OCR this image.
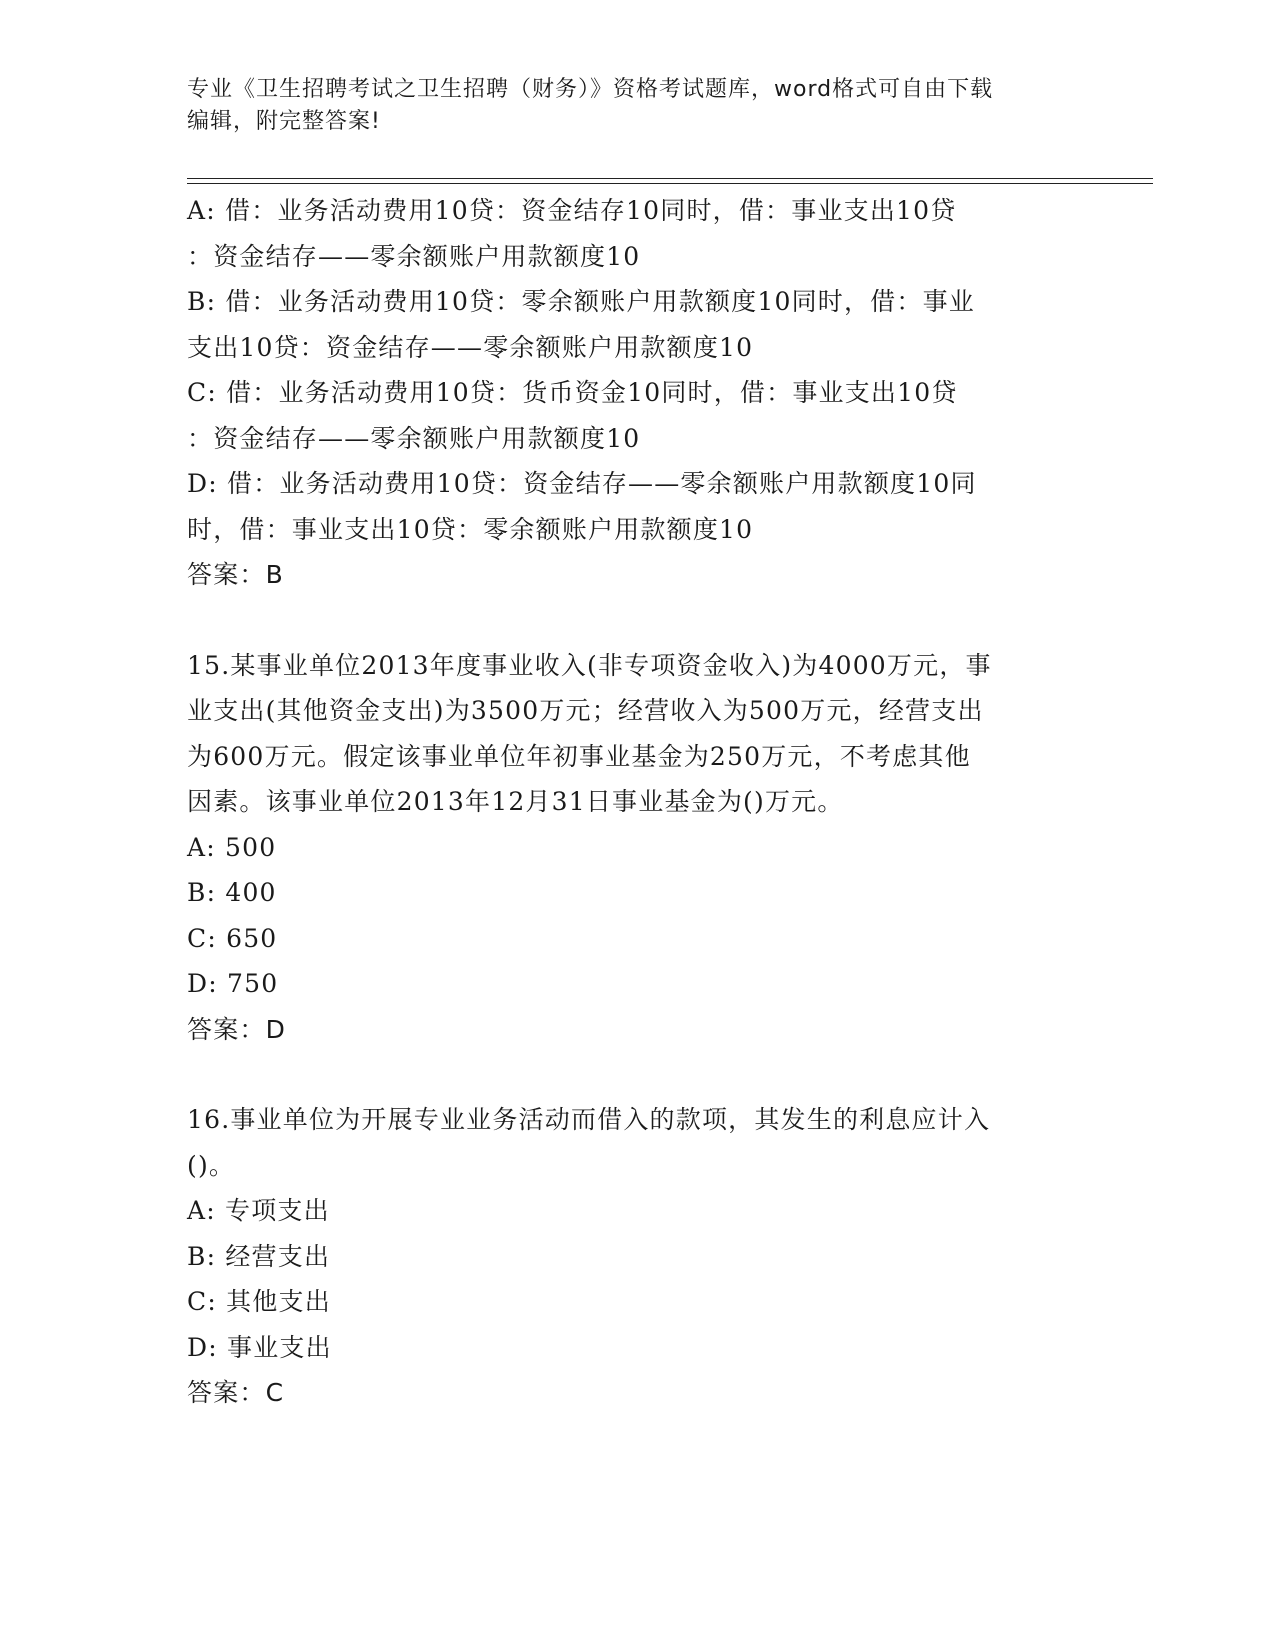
专业《卫生招聘考试之卫生招聘（财务）》资格考试题库，word格式可自由下载
编辑，附完整答案!
A: 借：业务活动费用10贷：资金结存10同时，借：事业支出10贷
：资金结存——零余额账户用款额度10
B: 借：业务活动费用10贷：零余额账户用款额度10同时，借：事业
支出10贷：资金结存——零余额账户用款额度10
C: 借：业务活动费用10贷：货币资金10同时，借：事业支出10贷
：资金结存——零余额账户用款额度10
D: 借：业务活动费用10贷：资金结存——零余额账户用款额度10同
时，借：事业支出10贷：零余额账户用款额度10
答案：B
15.某事业单位2013年度事业收入(非专项资金收入)为4000万元，事
业支出(其他资金支出)为3500万元；经营收入为500万元，经营支出
为600万元。假定该事业单位年初事业基金为250万元，不考虑其他
因素。该事业单位2013年12月31日事业基金为()万元。
A: 500
B: 400
C: 650
D: 750
答案：D
16.事业单位为开展专业业务活动而借入的款项，其发生的利息应计入
()。
A: 专项支出
B: 经营支出
C: 其他支出
D: 事业支出
答案：C
